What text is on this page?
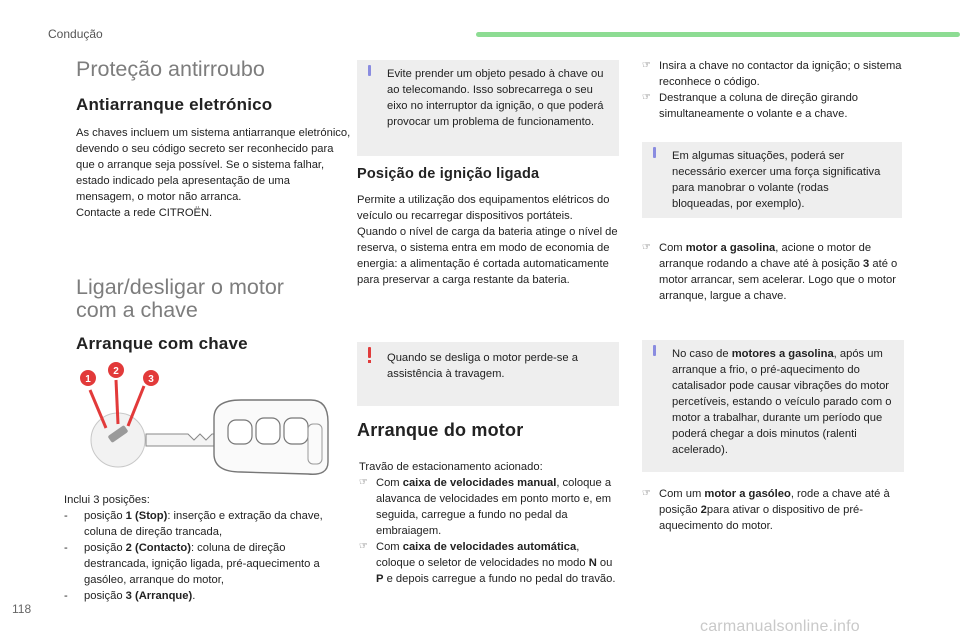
Condução
Proteção antirroubo
Antiarranque eletrónico

As chaves incluem um sistema antiarranque eletrónico, devendo o seu código secreto ser reconhecido para que o arranque seja possível. Se o sistema falhar, estado indicado pela apresentação de uma mensagem, o motor não arranca.

Contacte a rede CITROËN.

Ligar/desligar o motor com a chave
Arranque com chave
1
2
3

Inclui 3 posições:

- posição 1 (Stop): inserção e extração da chave, coluna de direção trancada,
- posição 2 (Contacto): coluna de direção destrancada, ignição ligada, pré-aquecimento a gasóleo, arranque do motor,
- posição 3 (Arranque).

Evite prender um objeto pesado à chave ou ao telecomando. Isso sobrecarrega o seu eixo no interruptor da ignição, o que poderá provocar um problema de funcionamento.

Posição de ignição ligada

Permite a utilização dos equipamentos elétricos do veículo ou recarregar dispositivos portáteis.

Quando o nível de carga da bateria atinge o nível de reserva, o sistema entra em modo de economia de energia: a alimentação é cortada automaticamente para preservar a carga restante da bateria.

Quando se desliga o motor perde-se a assistência à travagem.

Arranque do motor

Travão de estacionamento acionado:

☞ Com caixa de velocidades manual, coloque a alavanca de velocidades em ponto morto e, em seguida, carregue a fundo no pedal da embraiagem.
☞ Com caixa de velocidades automática, coloque o seletor de velocidades no modo N ou P e depois carregue a fundo no pedal do travão.
☞ Insira a chave no contactor da ignição; o sistema reconhece o código.
☞ Destranque a coluna de direção girando simultaneamente o volante e a chave.

Em algumas situações, poderá ser necessário exercer uma força significativa para manobrar o volante (rodas bloqueadas, por exemplo).

☞ Com motor a gasolina, acione o motor de arranque rodando a chave até à posição 3 até o motor arrancar, sem acelerar. Logo que o motor arranque, largue a chave.

No caso de motores a gasolina, após um arranque a frio, o pré-aquecimento do catalisador pode causar vibrações do motor percetíveis, estando o veículo parado com o motor a trabalhar, durante um período que poderá chegar a dois minutos (ralenti acelerado).

☞ Com um motor a gasóleo, rode a chave até à posição 2para ativar o dispositivo de pré-aquecimento do motor.
118
carmanualsonline.info
